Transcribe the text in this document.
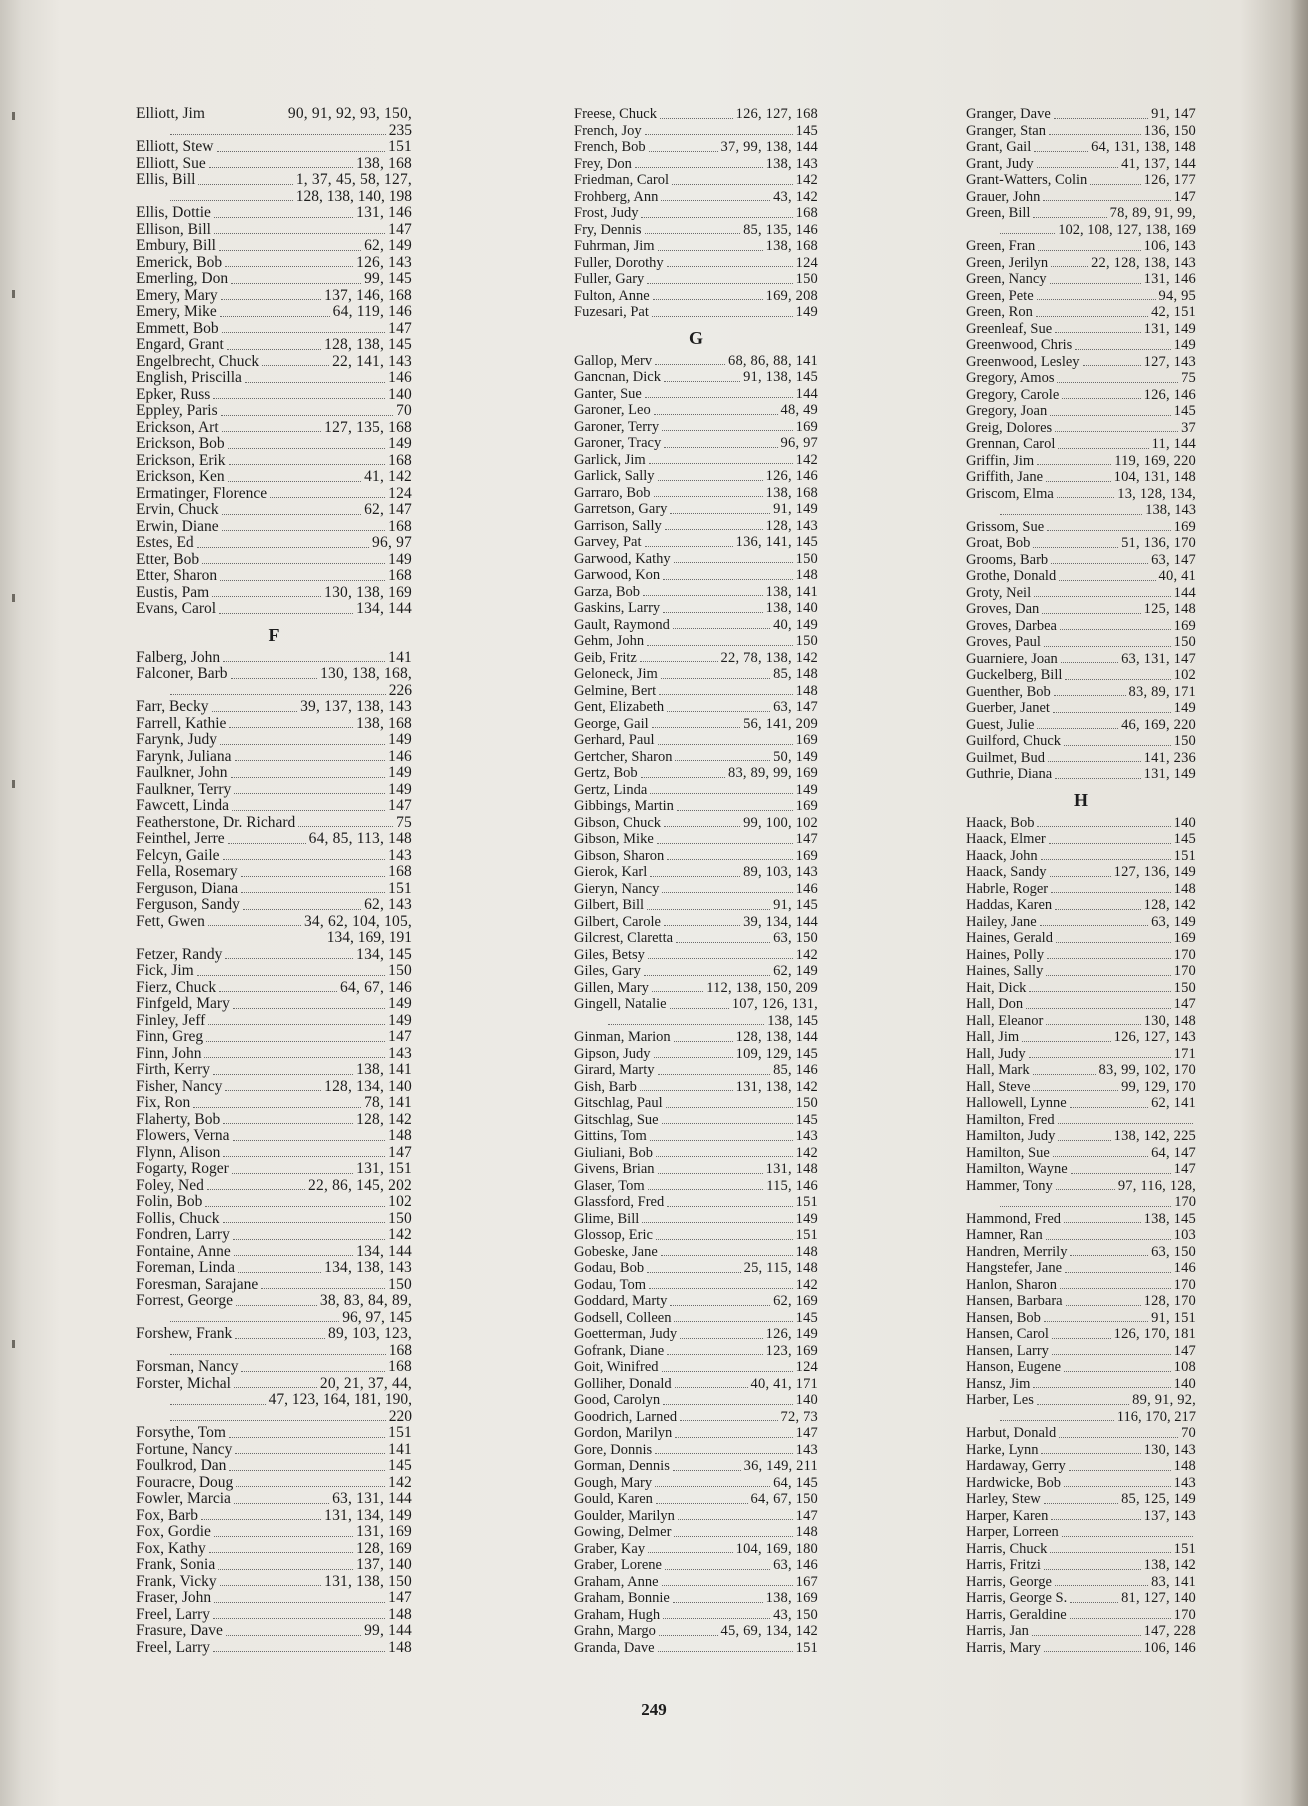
Elliott, Jim	90, 91, 92, 93, 150,
235
Elliott, Stew	151
Elliott, Sue	138, 168
Ellis, Bill	1, 37, 45, 58, 127,
128, 138, 140, 198
Ellis, Dottie	131, 146
Ellison, Bill	147
Embury, Bill	62, 149
Emerick, Bob	126, 143
Emerling, Don	99, 145
Emery, Mary	137, 146, 168
Emery, Mike	64, 119, 146
Emmett, Bob	147
Engard, Grant	128, 138, 145
Engelbrecht, Chuck	22, 141, 143
English, Priscilla	146
Epker, Russ	140
Eppley, Paris	70
Erickson, Art	127, 135, 168
Erickson, Bob	149
Erickson, Erik	168
Erickson, Ken	41, 142
Ermatinger, Florence	124
Ervin, Chuck	62, 147
Erwin, Diane	168
Estes, Ed	96, 97
Etter, Bob	149
Etter, Sharon	168
Eustis, Pam	130, 138, 169
Evans, Carol	134, 144
F
Falberg, John	141
Falconer, Barb	130, 138, 168,
226
Farr, Becky	39, 137, 138, 143
Farrell, Kathie	138, 168
Farynk, Judy	149
Farynk, Juliana	146
Faulkner, John	149
Faulkner, Terry	149
Fawcett, Linda	147
Featherstone, Dr. Richard	75
Feinthel, Jerre	64, 85, 113, 148
Felcyn, Gaile	143
Fella, Rosemary	168
Ferguson, Diana	151
Ferguson, Sandy	62, 143
Fett, Gwen	34, 62, 104, 105,
134, 169, 191
Fetzer, Randy	134, 145
Fick, Jim	150
Fierz, Chuck	64, 67, 146
Finfgeld, Mary	149
Finley, Jeff	149
Finn, Greg	147
Finn, John	143
Firth, Kerry	138, 141
Fisher, Nancy	128, 134, 140
Fix, Ron	78, 141
Flaherty, Bob	128, 142
Flowers, Verna	148
Flynn, Alison	147
Fogarty, Roger	131, 151
Foley, Ned	22, 86, 145, 202
Folin, Bob	102
Follis, Chuck	150
Fondren, Larry	142
Fontaine, Anne	134, 144
Foreman, Linda	134, 138, 143
Foresman, Sarajane	150
Forrest, George	38, 83, 84, 89,
96, 97, 145
Forshew, Frank	89, 103, 123,
168
Forsman, Nancy	168
Forster, Michal	20, 21, 37, 44,
47, 123, 164, 181, 190,
220
Forsythe, Tom	151
Fortune, Nancy	141
Foulkrod, Dan	145
Fouracre, Doug	142
Fowler, Marcia	63, 131, 144
Fox, Barb	131, 134, 149
Fox, Gordie	131, 169
Fox, Kathy	128, 169
Frank, Sonia	137, 140
Frank, Vicky	131, 138, 150
Fraser, John	147
Freel, Larry	148
Frasure, Dave	99, 144
Freel, Larry	148
Freese, Chuck	126, 127, 168
French, Joy	145
French, Bob	37, 99, 138, 144
Frey, Don	138, 143
Friedman, Carol	142
Frohberg, Ann	43, 142
Frost, Judy	168
Fry, Dennis	85, 135, 146
Fuhrman, Jim	138, 168
Fuller, Dorothy	124
Fuller, Gary	150
Fulton, Anne	169, 208
Fuzesari, Pat	149
G
Gallop, Merv	68, 86, 88, 141
Gancnan, Dick	91, 138, 145
Ganter, Sue	144
Garoner, Leo	48, 49
Garoner, Terry	169
Garoner, Tracy	96, 97
Garlick, Jim	142
Garlick, Sally	126, 146
Garraro, Bob	138, 168
Garretson, Gary	91, 149
Garrison, Sally	128, 143
Garvey, Pat	136, 141, 145
Garwood, Kathy	150
Garwood, Kon	148
Garza, Bob	138, 141
Gaskins, Larry	138, 140
Gault, Raymond	40, 149
Gehm, John	150
Geib, Fritz	22, 78, 138, 142
Geloneck, Jim	85, 148
Gelmine, Bert	148
Gent, Elizabeth	63, 147
George, Gail	56, 141, 209
Gerhard, Paul	169
Gertcher, Sharon	50, 149
Gertz, Bob	83, 89, 99, 169
Gertz, Linda	149
Gibbings, Martin	169
Gibson, Chuck	99, 100, 102
Gibson, Mike	147
Gibson, Sharon	169
Gierok, Karl	89, 103, 143
Gieryn, Nancy	146
Gilbert, Bill	91, 145
Gilbert, Carole	39, 134, 144
Gilcrest, Claretta	63, 150
Giles, Betsy	142
Giles, Gary	62, 149
Gillen, Mary	112, 138, 150, 209
Gingell, Natalie	107, 126, 131,
138, 145
Ginman, Marion	128, 138, 144
Gipson, Judy	109, 129, 145
Girard, Marty	85, 146
Gish, Barb	131, 138, 142
Gitschlag, Paul	150
Gitschlag, Sue	145
Gittins, Tom	143
Giuliani, Bob	142
Givens, Brian	131, 148
Glaser, Tom	115, 146
Glassford, Fred	151
Glime, Bill	149
Glossop, Eric	151
Gobeske, Jane	148
Godau, Bob	25, 115, 148
Godau, Tom	142
Goddard, Marty	62, 169
Godsell, Colleen	145
Goetterman, Judy	126, 149
Gofrank, Diane	123, 169
Goit, Winifred	124
Golliher, Donald	40, 41, 171
Good, Carolyn	140
Goodrich, Larned	72, 73
Gordon, Marilyn	147
Gore, Donnis	143
Gorman, Dennis	36, 149, 211
Gough, Mary	64, 145
Gould, Karen	64, 67, 150
Goulder, Marilyn	147
Gowing, Delmer	148
Graber, Kay	104, 169, 180
Graber, Lorene	63, 146
Graham, Anne	167
Graham, Bonnie	138, 169
Graham, Hugh	43, 150
Grahn, Margo	45, 69, 134, 142
Granda, Dave	151
Granger, Dave	91, 147
Granger, Stan	136, 150
Grant, Gail	64, 131, 138, 148
Grant, Judy	41, 137, 144
Grant-Watters, Colin	126, 177
Grauer, John	147
Green, Bill	78, 89, 91, 99,
102, 108, 127, 138, 169
Green, Fran	106, 143
Green, Jerilyn	22, 128, 138, 143
Green, Nancy	131, 146
Green, Pete	94, 95
Green, Ron	42, 151
Greenleaf, Sue	131, 149
Greenwood, Chris	149
Greenwood, Lesley	127, 143
Gregory, Amos	75
Gregory, Carole	126, 146
Gregory, Joan	145
Greig, Dolores	37
Grennan, Carol	11, 144
Griffin, Jim	119, 169, 220
Griffith, Jane	104, 131, 148
Griscom, Elma	13, 128, 134,
138, 143
Grissom, Sue	169
Groat, Bob	51, 136, 170
Grooms, Barb	63, 147
Grothe, Donald	40, 41
Groty, Neil	144
Groves, Dan	125, 148
Groves, Darbea	169
Groves, Paul	150
Guarniere, Joan	63, 131, 147
Guckelberg, Bill	102
Guenther, Bob	83, 89, 171
Guerber, Janet	149
Guest, Julie	46, 169, 220
Guilford, Chuck	150
Guilmet, Bud	141, 236
Guthrie, Diana	131, 149
H
Haack, Bob	140
Haack, Elmer	145
Haack, John	151
Haack, Sandy	127, 136, 149
Habrle, Roger	148
Haddas, Karen	128, 142
Hailey, Jane	63, 149
Haines, Gerald	169
Haines, Polly	170
Haines, Sally	170
Hait, Dick	150
Hall, Don	147
Hall, Eleanor	130, 148
Hall, Jim	126, 127, 143
Hall, Judy	171
Hall, Mark	83, 99, 102, 170
Hall, Steve	99, 129, 170
Hallowell, Lynne	62, 141
Hamilton, Fred
Hamilton, Judy	138, 142, 225
Hamilton, Sue	64, 147
Hamilton, Wayne	147
Hammer, Tony	97, 116, 128,
170
Hammond, Fred	138, 145
Hamner, Ran	103
Handren, Merrily	63, 150
Hangstefer, Jane	146
Hanlon, Sharon	170
Hansen, Barbara	128, 170
Hansen, Bob	91, 151
Hansen, Carol	126, 170, 181
Hansen, Larry	147
Hanson, Eugene	108
Hansz, Jim	140
Harber, Les	89, 91, 92,
116, 170, 217
Harbut, Donald	70
Harke, Lynn	130, 143
Hardaway, Gerry	148
Hardwicke, Bob	143
Harley, Stew	85, 125, 149
Harper, Karen	137, 143
Harper, Lorreen
Harris, Chuck	151
Harris, Fritzi	138, 142
Harris, George	83, 141
Harris, George S.	81, 127, 140
Harris, Geraldine	170
Harris, Jan	147, 228
Harris, Mary	106, 146
249
